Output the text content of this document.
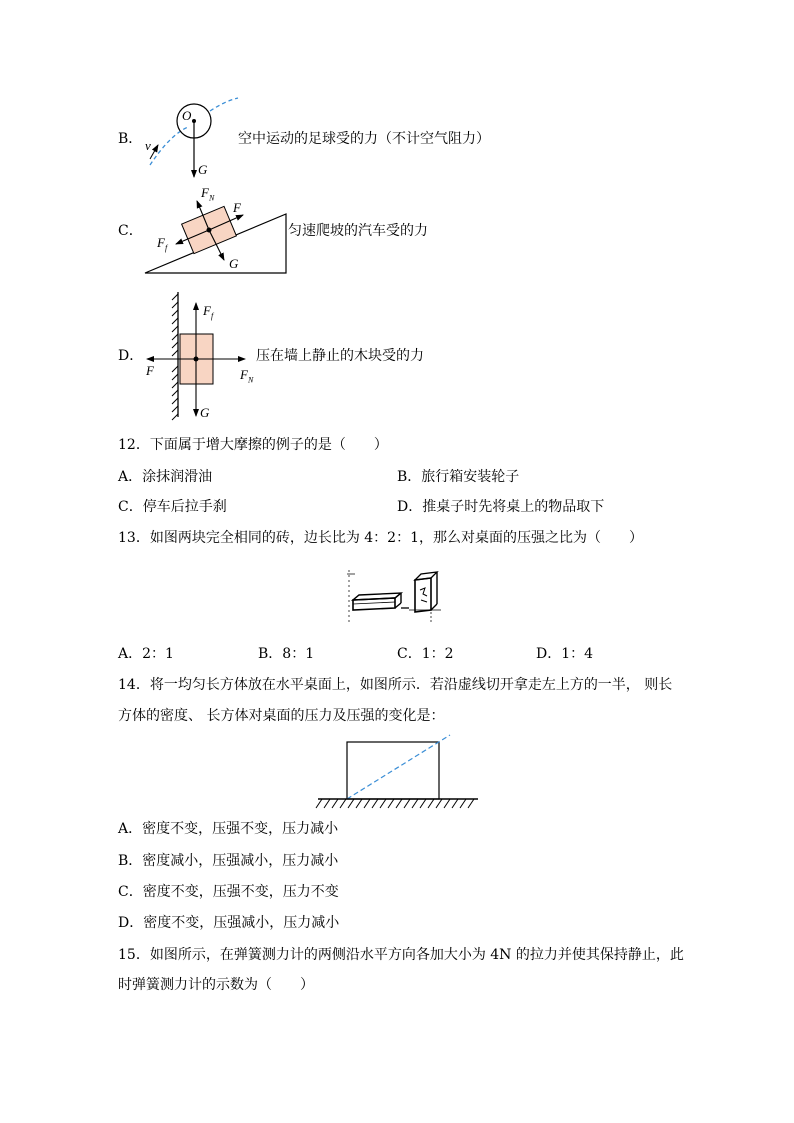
B．
O
v
G
空中运动的足球受的力（不计空气阻力）
C．
$F_N$
F
$F_f$
G
匀速爬坡的汽车受的力
D．
$F_f$
F	$F_N$
G
压在墙上静止的木块受的力
12．下面属于增大摩擦的例子的是（　　）
A．涂抹润滑油	B．旅行箱安装轮子
C．停车后拉手刹	D．推桌子时先将桌上的物品取下
13．如图两块完全相同的砖，边长比为 4：2：1，那么对桌面的压强之比为（　　）
A．2：1	B．8：1	C．1：2	D．1：4
14．将一均匀长方体放在水平桌面上，如图所示．若沿虚线切开拿走左上方的一半， 则长
方体的密度、 长方体对桌面的压力及压强的变化是：
A．密度不变，压强不变，压力减小
B．密度减小，压强减小，压力减小
C．密度不变，压强不变，压力不变
D．密度不变，压强减小，压力减小
15．如图所示，在弹簧测力计的两侧沿水平方向各加大小为 4N 的拉力并使其保持静止，此
时弹簧测力计的示数为（　　）
